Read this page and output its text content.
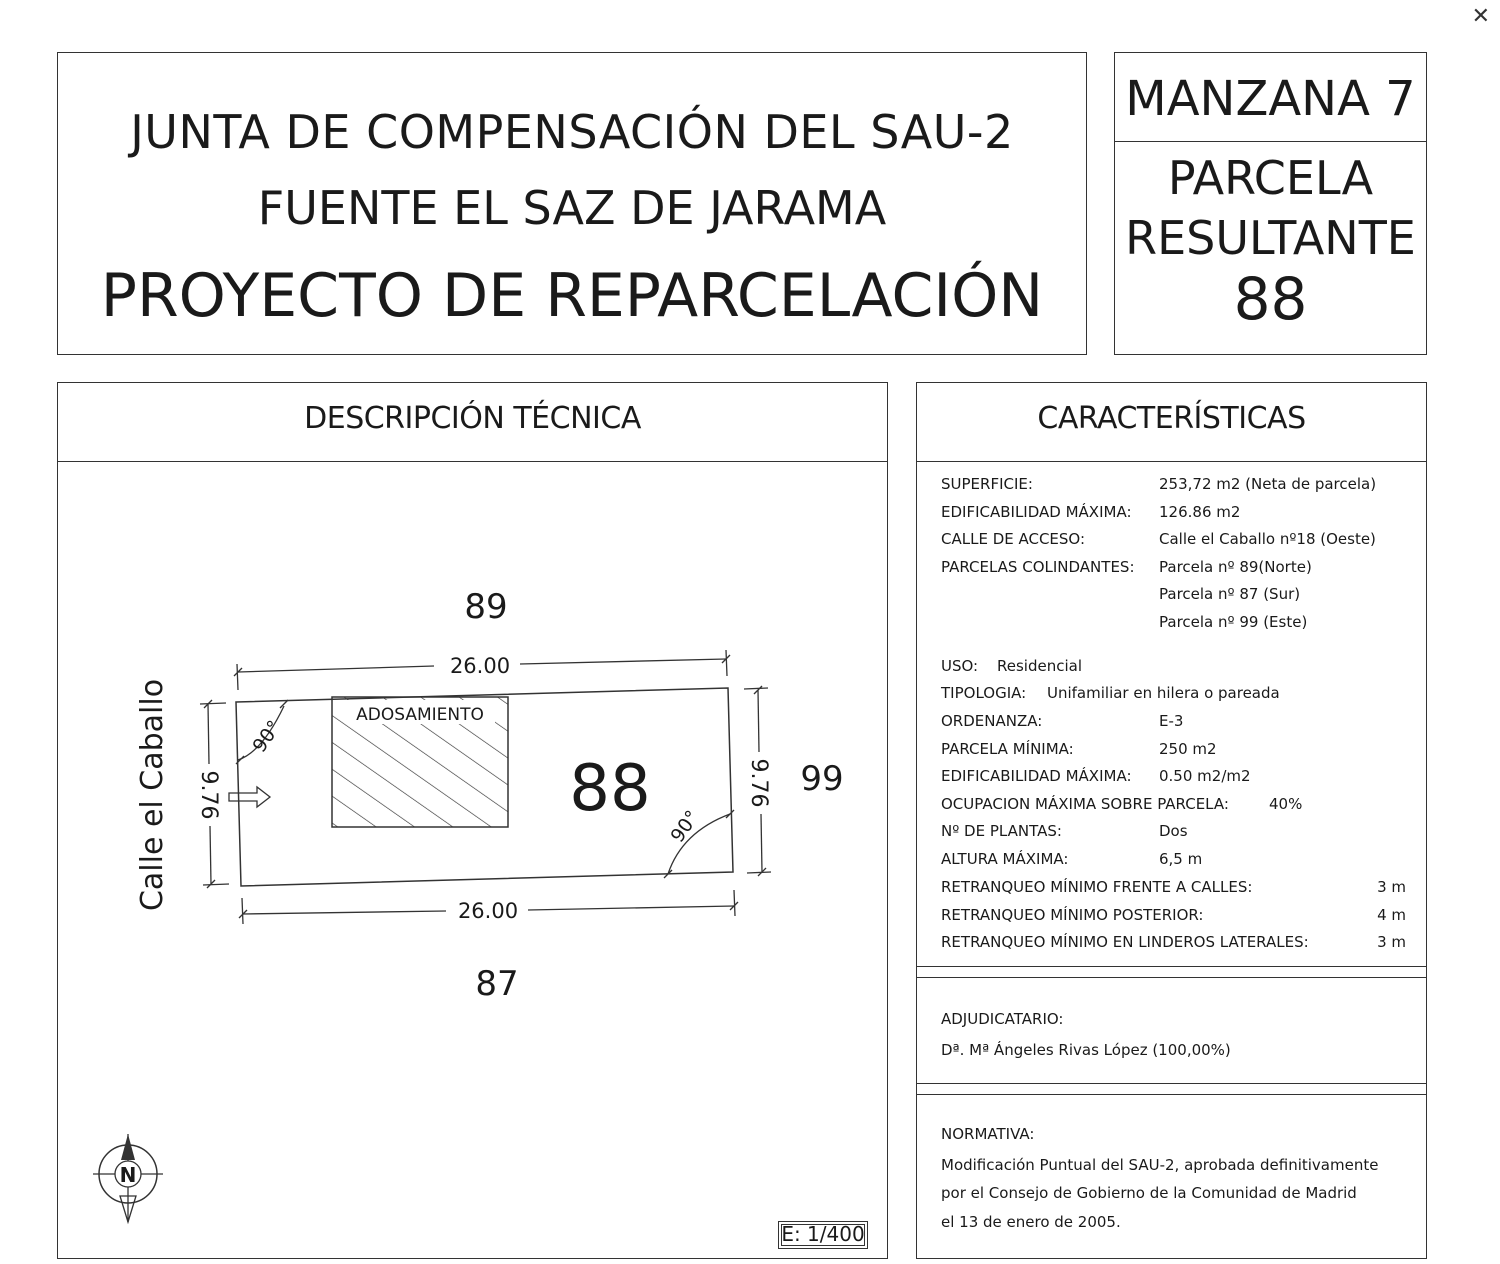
✕
JUNTA DE COMPENSACIÓN DEL SAU-2
FUENTE EL SAZ DE JARAMA
PROYECTO DE REPARCELACIÓN
MANZANA 7
PARCELA
RESULTANTE
88
DESCRIPCIÓN TÉCNICA
89
87
99
Calle el Caballo	ADOSAMIENTO
88
26.00
26.00
9.76	9.76
90°
90°
N
E: 1/400
CARACTERÍSTICAS
SUPERFICIE:	253,72 m2 (Neta de parcela)
EDIFICABILIDAD MÁXIMA: 126.86 m2
CALLE DE ACCESO:	Calle el Caballo nº18 (Oeste)
PARCELAS COLINDANTES: Parcela nº 89(Norte)
Parcela nº 87 (Sur)
Parcela nº 99 (Este)
USO: Residencial
TIPOLOGIA: Unifamiliar en hilera o pareada
ORDENANZA:	E-3
PARCELA MÍNIMA:	250 m2
EDIFICABILIDAD MÁXIMA: 0.50 m2/m2
OCUPACION MÁXIMA SOBRE PARCELA:	40%
Nº DE PLANTAS:	Dos
ALTURA MÁXIMA:	6,5 m
RETRANQUEO MÍNIMO FRENTE A CALLES:	3 m
RETRANQUEO MÍNIMO POSTERIOR:	4 m
RETRANQUEO MÍNIMO EN LINDEROS LATERALES:	3 m
ADJUDICATARIO:
Dª. Mª Ángeles Rivas López (100,00%)
NORMATIVA:
Modificación Puntual del SAU-2, aprobada definitivamente
por el Consejo de Gobierno de la Comunidad de Madrid
el 13 de enero de 2005.
